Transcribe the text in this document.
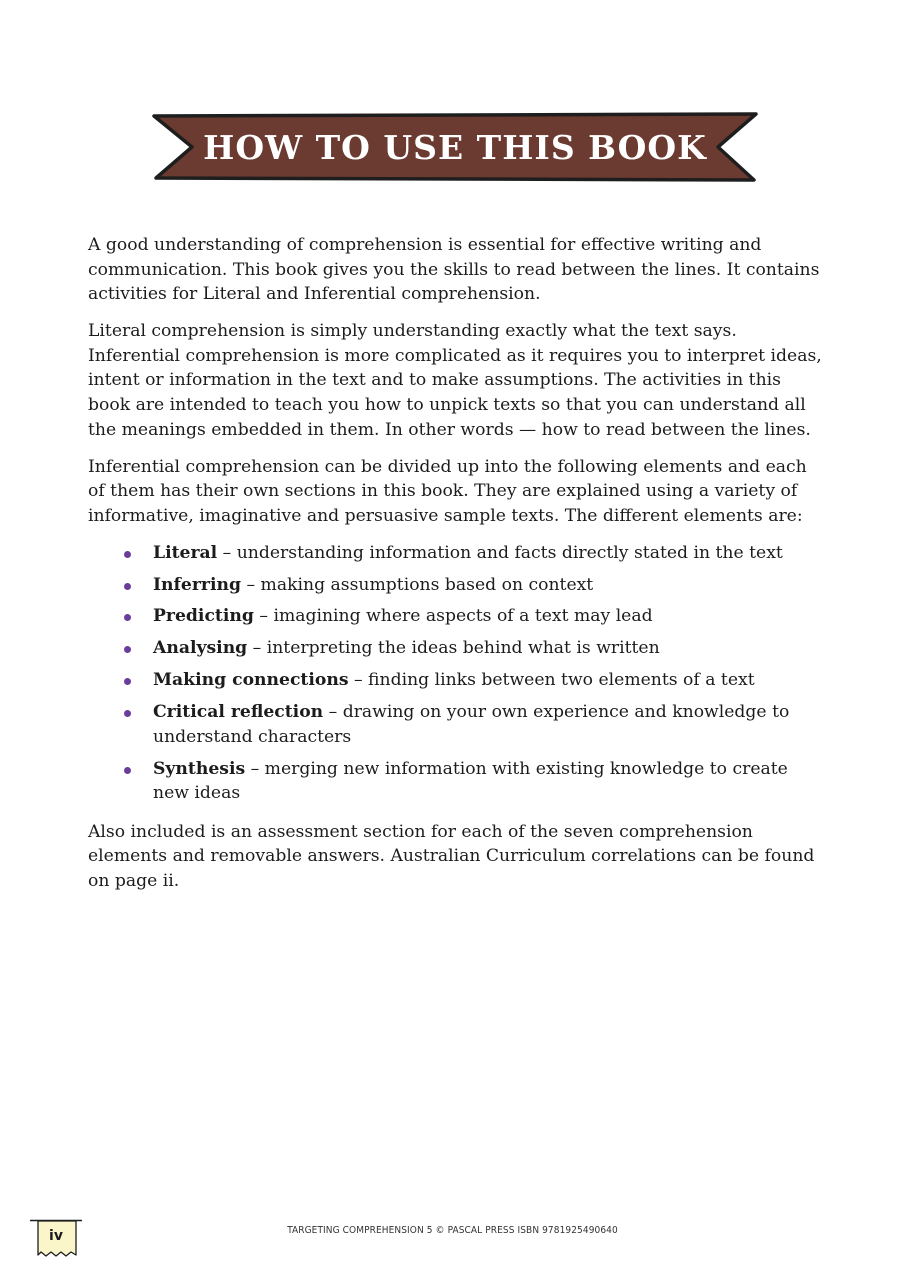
• HOW TO USE THIS BOOK •

A good understanding of comprehension is essential for effective writing and communication. This book gives you the skills to read between the lines. It contains activities for Literal and Inferential comprehension.

Literal comprehension is simply understanding exactly what the text says. Inferential comprehension is more complicated as it requires you to interpret ideas, intent or information in the text and to make assumptions. The activities in this book are intended to teach you how to unpick texts so that you can understand all the meanings embedded in them. In other words — how to read between the lines.

Inferential comprehension can be divided up into the following elements and each of them has their own sections in this book. They are explained using a variety of informative, imaginative and persuasive sample texts. The different elements are:

Literal – understanding information and facts directly stated in the text
Inferring – making assumptions based on context
Predicting – imagining where aspects of a text may lead
Analysing – interpreting the ideas behind what is written
Making connections – finding links between two elements of a text
Critical reflection – drawing on your own experience and knowledge to understand characters
Synthesis – merging new information with existing knowledge to create new ideas

Also included is an assessment section for each of the seven comprehension elements and removable answers. Australian Curriculum correlations can be found on page ii.

iv	TARGETING COMPREHENSION 5 © PASCAL PRESS ISBN 9781925490640
